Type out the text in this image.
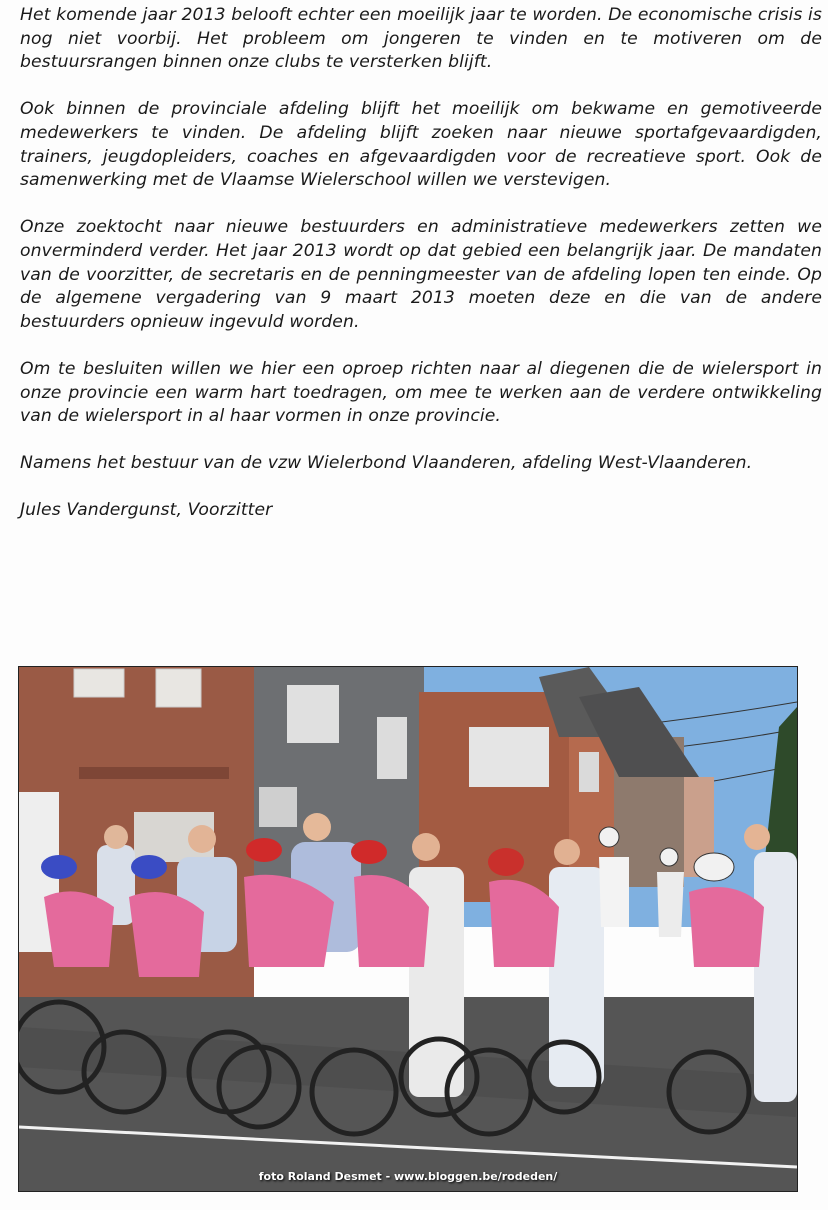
Het komende jaar 2013 belooft echter een moeilijk jaar te worden. De economische crisis is nog niet voorbij. Het probleem om jongeren te vinden en te motiveren om de bestuursrangen binnen onze clubs te versterken blijft.

Ook binnen de provinciale afdeling blijft het moeilijk om bekwame en gemotiveerde medewerkers te vinden. De afdeling blijft zoeken naar nieuwe sportafgevaardigden, trainers, jeugdopleiders, coaches en afgevaardigden voor de recreatieve sport. Ook de samenwerking met de Vlaamse Wielerschool willen we verstevigen.

Onze zoektocht naar nieuwe bestuurders en administratieve medewerkers zetten we onverminderd verder. Het jaar 2013 wordt op dat gebied een belangrijk jaar. De mandaten van de voorzitter, de secretaris en de penningmeester van de afdeling lopen ten einde. Op de algemene vergadering van 9 maart 2013 moeten deze en die van de andere bestuurders opnieuw ingevuld worden.

Om te besluiten willen we hier een oproep richten naar al diegenen die de wielersport in onze provincie een warm hart toedragen, om mee te werken aan de verdere ontwikkeling van de wielersport in al haar vormen in onze provincie.

Namens het bestuur van de vzw Wielerbond Vlaanderen, afdeling West-Vlaanderen.

Jules Vandergunst, Voorzitter

foto Roland Desmet - www.bloggen.be/rodeden/
